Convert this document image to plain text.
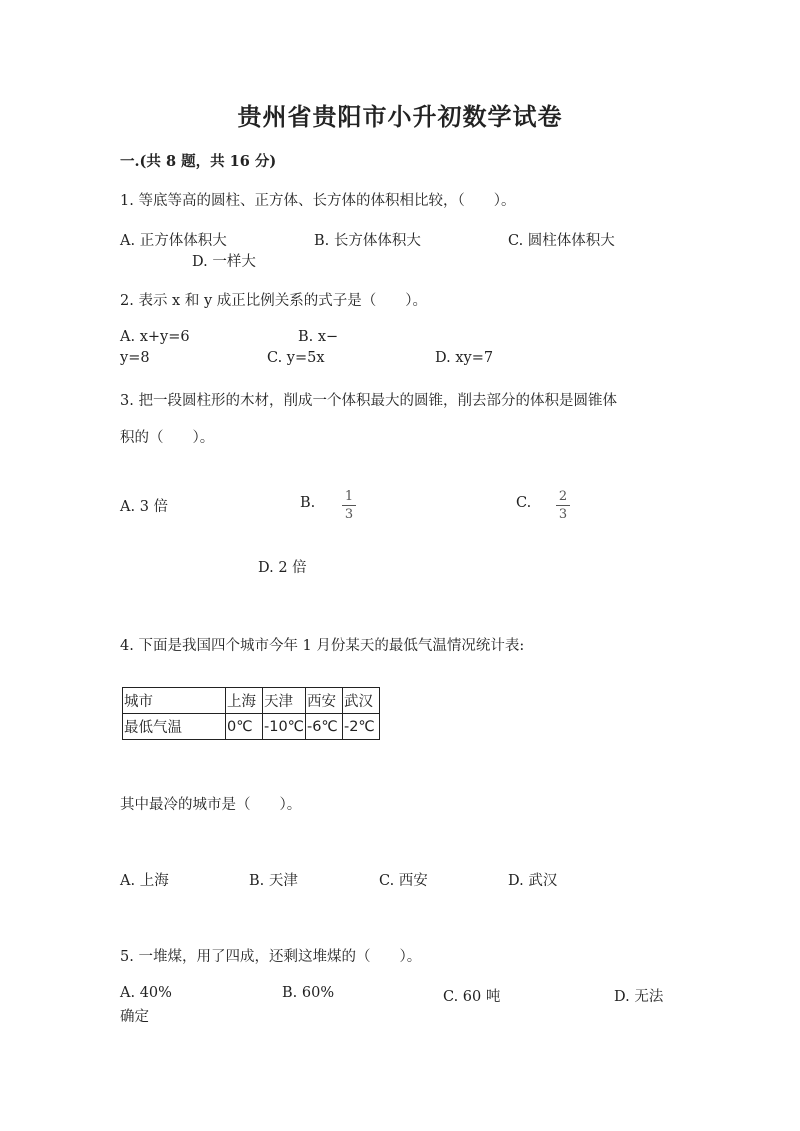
贵州省贵阳市小升初数学试卷
一.(共 8 题，共 16 分)
1. 等底等高的圆柱、正方体、长方体的体积相比较，（　　）。
A. 正方体体积大	B. 长方体体积大	C. 圆柱体体积大
D. 一样大
2. 表示 x 和 y 成正比例关系的式子是（　　）。
A. x+y=6	B. x−
y=8	C. y=5x	D. xy=7
3. 把一段圆柱形的木材，削成一个体积最大的圆锥，削去部分的体积是圆锥体
积的（　　）。
A. 3 倍	B. $\frac{1}{3}$	C. $\frac{2}{3}$
D. 2 倍
4. 下面是我国四个城市今年 1 月份某天的最低气温情况统计表:
城市	上海	天津	西安	武汉
最低气温	0℃	-10℃	-6℃	-2℃
其中最冷的城市是（　　）。
A. 上海	B. 天津	C. 西安	D. 武汉
5. 一堆煤，用了四成，还剩这堆煤的（　　）。
A. 40%	B. 60%	C. 60 吨	D. 无法
确定
